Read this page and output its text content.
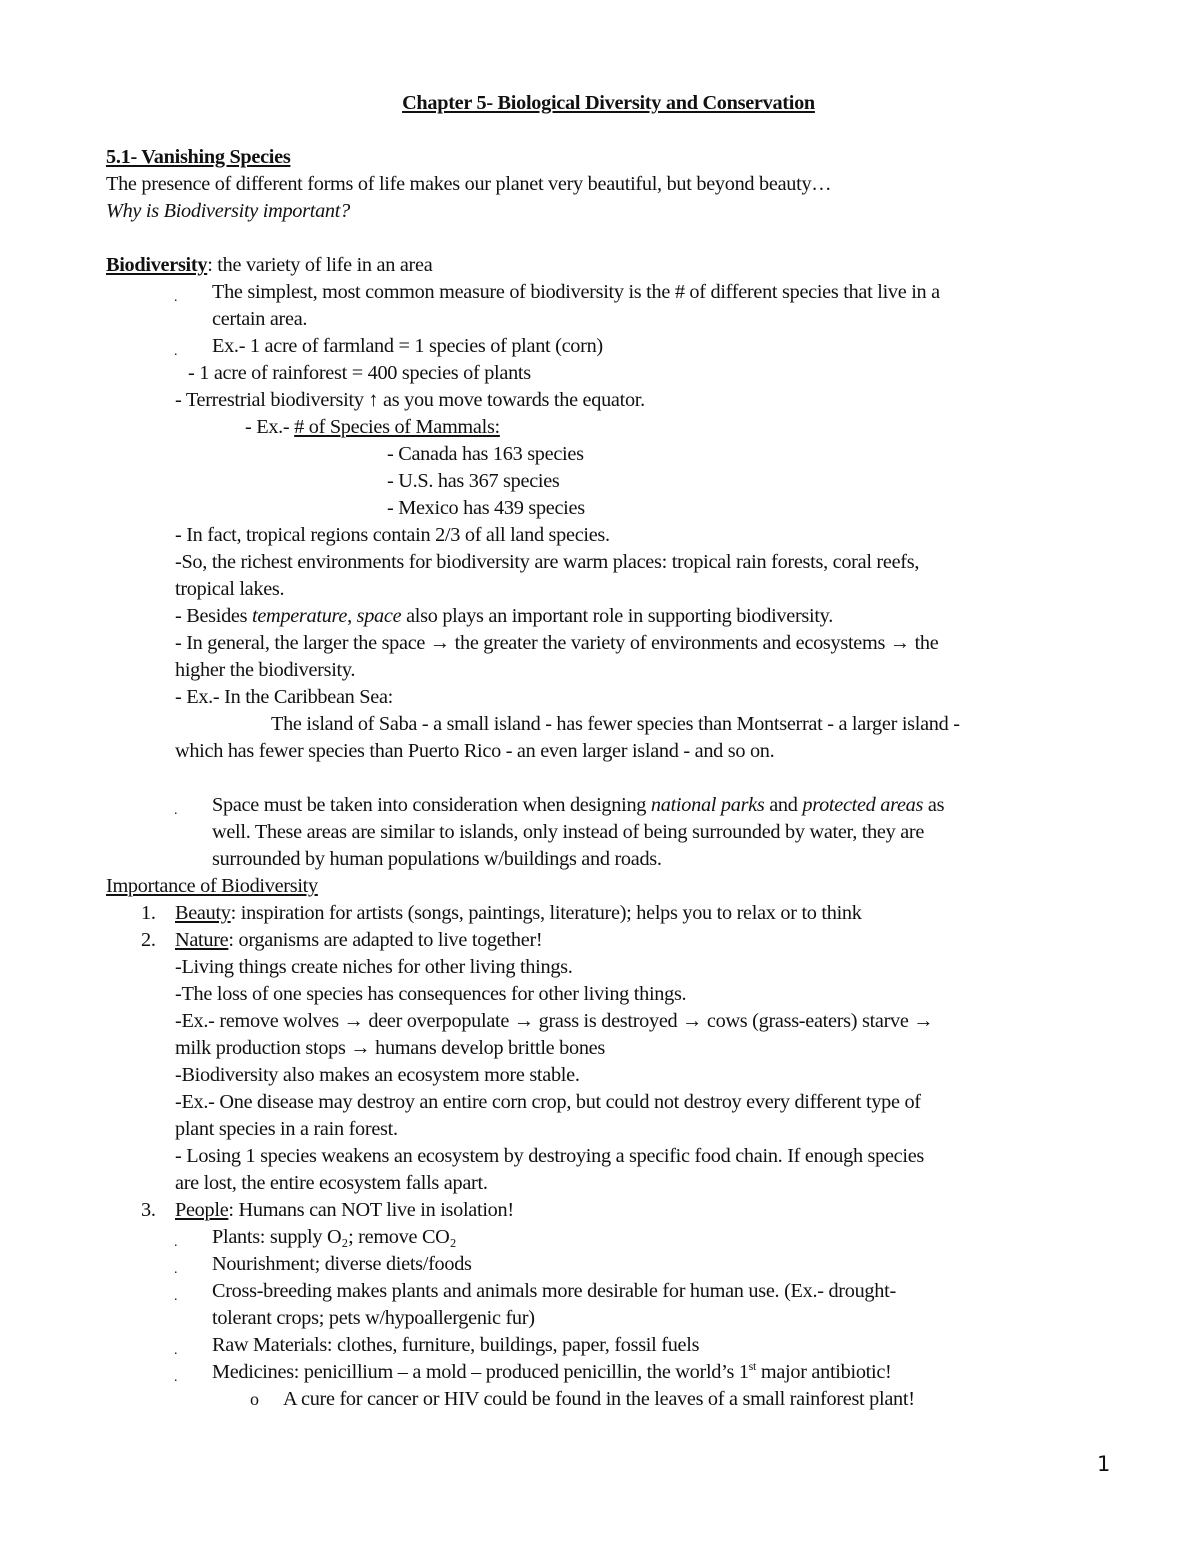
Chapter 5- Biological Diversity and Conservation
5.1- Vanishing Species
The presence of different forms of life makes our planet very beautiful, but beyond beauty…
Why is Biodiversity important?
Biodiversity: the variety of life in an area
. The simplest, most common measure of biodiversity is the # of different species that live in a
certain area.
. Ex.- 1 acre of farmland = 1 species of plant (corn)
- 1 acre of rainforest = 400 species of plants
- Terrestrial biodiversity ↑ as you move towards the equator.
- Ex.- # of Species of Mammals:
- Canada has 163 species
- U.S. has 367 species
- Mexico has 439 species
- In fact, tropical regions contain 2/3 of all land species.
-So, the richest environments for biodiversity are warm places: tropical rain forests, coral reefs,
tropical lakes.
- Besides temperature, space also plays an important role in supporting biodiversity.
- In general, the larger the space → the greater the variety of environments and ecosystems → the
higher the biodiversity.
- Ex.- In the Caribbean Sea:
The island of Saba - a small island - has fewer species than Montserrat - a larger island -
which has fewer species than Puerto Rico - an even larger island - and so on.
. Space must be taken into consideration when designing national parks and protected areas as
well. These areas are similar to islands, only instead of being surrounded by water, they are
surrounded by human populations w/buildings and roads.
Importance of Biodiversity
1. Beauty: inspiration for artists (songs, paintings, literature); helps you to relax or to think
2. Nature: organisms are adapted to live together!
-Living things create niches for other living things.
-The loss of one species has consequences for other living things.
-Ex.- remove wolves → deer overpopulate → grass is destroyed → cows (grass-eaters) starve →
milk production stops → humans develop brittle bones
-Biodiversity also makes an ecosystem more stable.
-Ex.- One disease may destroy an entire corn crop, but could not destroy every different type of
plant species in a rain forest.
- Losing 1 species weakens an ecosystem by destroying a specific food chain. If enough species
are lost, the entire ecosystem falls apart.
3. People: Humans can NOT live in isolation!
. Plants: supply O₂; remove CO₂
. Nourishment; diverse diets/foods
. Cross-breeding makes plants and animals more desirable for human use. (Ex.- drought-
tolerant crops; pets w/hypoallergenic fur)
. Raw Materials: clothes, furniture, buildings, paper, fossil fuels
. Medicines: penicillium – a mold – produced penicillin, the world’s 1st major antibiotic!
o A cure for cancer or HIV could be found in the leaves of a small rainforest plant!
1
